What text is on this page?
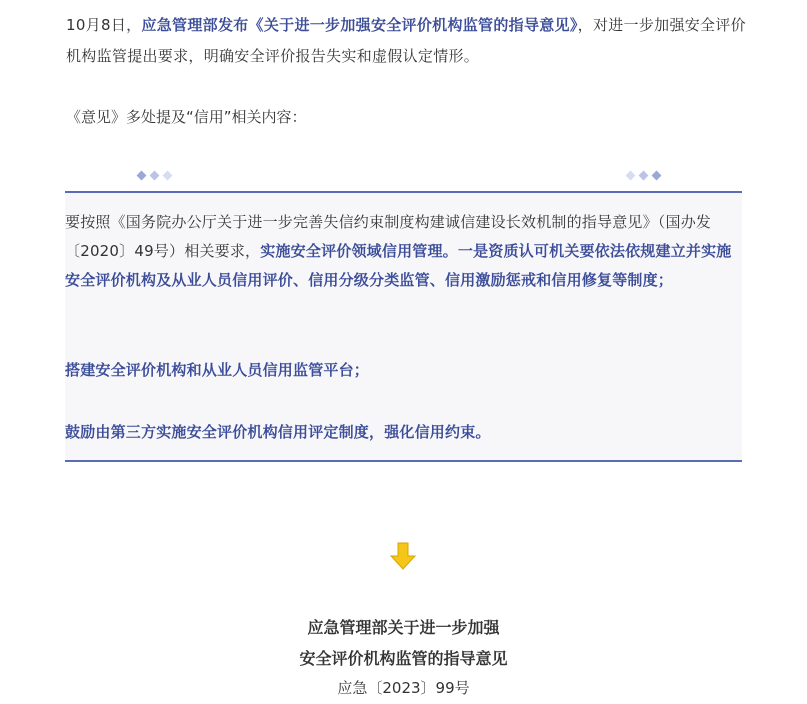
10月8日，应急管理部发布《关于进一步加强安全评价机构监管的指导意见》，对进一步加强安全评价机构监管提出要求，明确安全评价报告失实和虚假认定情形。
《意见》多处提及“信用”相关内容：
要按照《国务院办公厅关于进一步完善失信约束制度构建诚信建设长效机制的指导意见》（国办发〔2020〕49号）相关要求，实施安全评价领域信用管理。一是资质认可机关要依法依规建立并实施安全评价机构及从业人员信用评价、信用分级分类监管、信用激励惩戒和信用修复等制度；
搭建安全评价机构和从业人员信用监管平台；
鼓励由第三方实施安全评价机构信用评定制度，强化信用约束。
应急管理部关于进一步加强
安全评价机构监管的指导意见
应急〔2023〕99号
